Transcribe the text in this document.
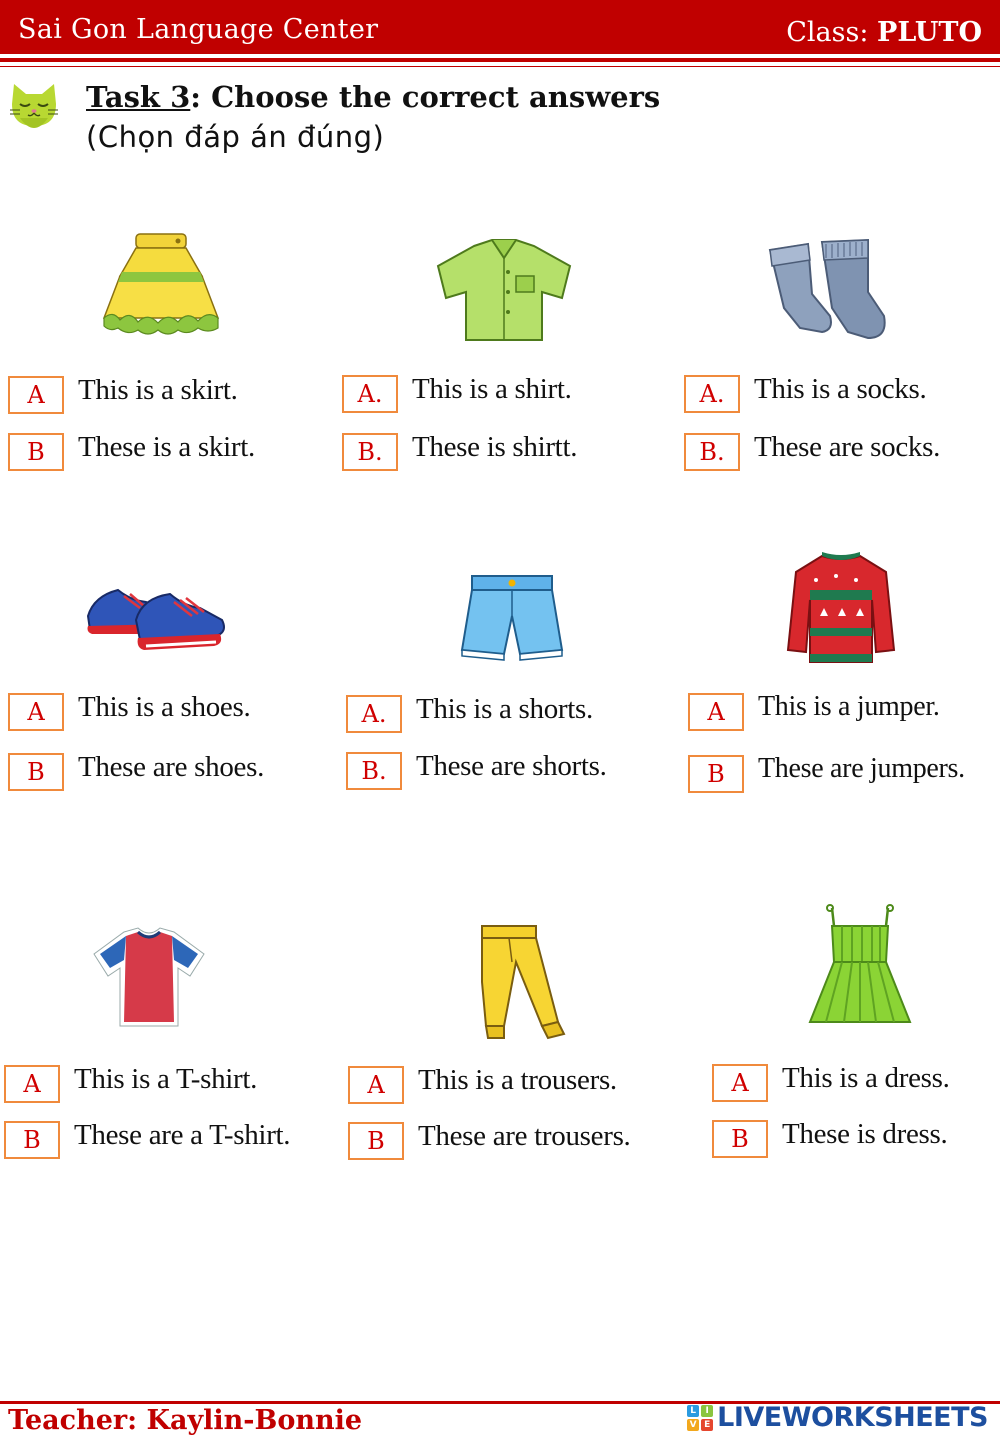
Sai Gon Language Center	Class: PLUTO
Task 3: Choose the correct answers
(Chọn đáp án đúng)
A	This is a skirt.
B	These is a skirt.
A.	This is a shirt.
B.	These is shirtt.
A.	This is a socks.
B.	These are socks.
A	This is a shoes.
B	These are shoes.
A.	This is a shorts.
B.	These are shorts.
A	This is a jumper.
B	These are jumpers.
A	This is a T-shirt.
B	These are a T-shirt.
A	This is a trousers.
B	These are trousers.
A	This is a dress.
B	These is dress.
Teacher: Kaylin-Bonnie	L	I
V E LIVEWORKSHEETS
